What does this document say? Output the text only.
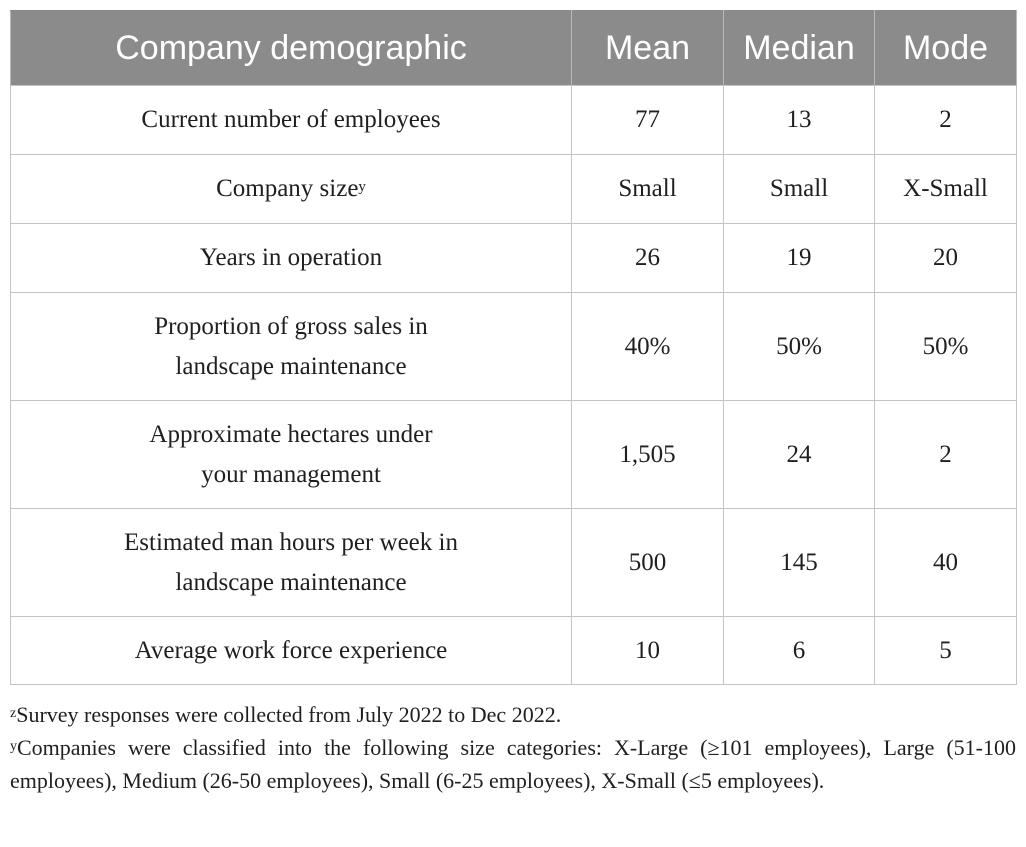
Company demographic	Mean	Median	Mode

Current number of employees	77	13	2

Company size$^y$	Small	Small	X-Small

Years in operation	26	19	20

Proportion of gross sales in
landscape maintenance	40%	50%	50%

Approximate hectares under
your management	1,505	24	2

Estimated man hours per week in
landscape maintenance	500	145	40

Average work force experience	10	6	5

$^z$Survey responses were collected from July 2022 to Dec 2022.

$^y$Companies were classified into the following size categories: X-Large (≥101 employees), Large (51-100 employees), Medium (26-50 employees), Small (6-25 employees), X-Small (≤5 employees).
